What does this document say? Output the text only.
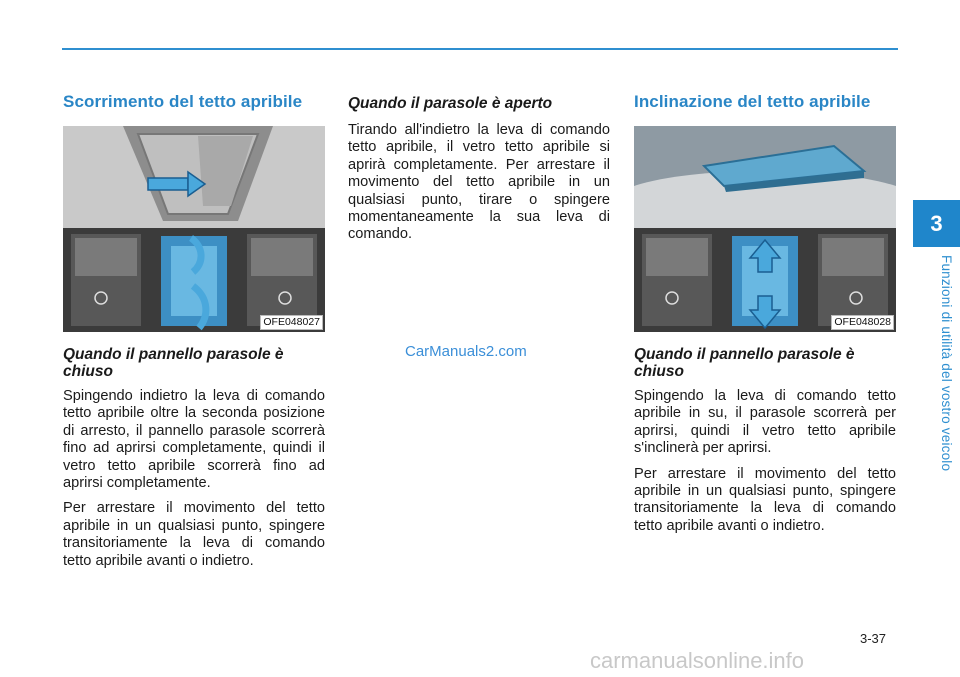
3
Funzioni di utilità del vostro veicolo
Scorrimento del tetto apribile
OFE048027
Quando il pannello parasole è chiuso

Spingendo indietro la leva di comando tetto apribile oltre la seconda posizione di arresto, il pannello parasole scorrerà fino ad aprirsi completamente, quindi il vetro tetto apribile scorrerà fino ad aprirsi completamente.

Per arrestare il movimento del tetto apribile in un qualsiasi punto, spingere transitoriamente la leva di comando tetto apribile avanti o indietro.

Quando il parasole è aperto

Tirando all'indietro la leva di comando tetto apribile, il vetro tetto apribile si aprirà completamente. Per arrestare il movimento del tetto apribile in un qualsiasi punto, tirare o spingere momentaneamente la sua leva di comando.

CarManuals2.com
Inclinazione del tetto apribile
OFE048028
Quando il pannello parasole è chiuso

Spingendo la leva di comando tetto apribile in su, il parasole scorrerà per aprirsi, quindi il vetro tetto apribile s'inclinerà per aprirsi.

Per arrestare il movimento del tetto apribile in un qualsiasi punto, spingere transitoriamente la leva di comando tetto apribile avanti o indietro.

3-37
carmanualsonline.info
